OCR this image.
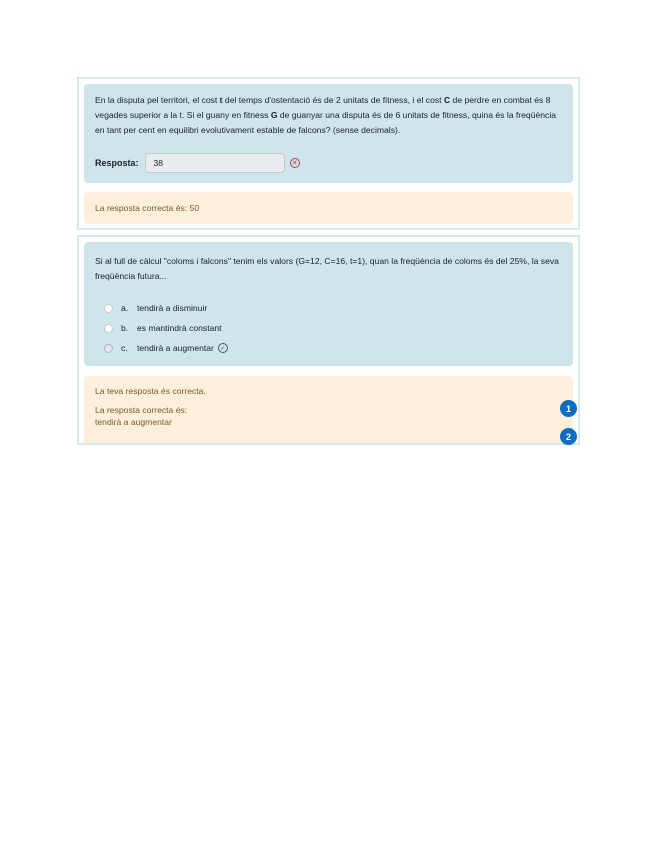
En la disputa pel territori, el cost t del temps d'ostentació és de 2 unitats de fitness, i el cost C de perdre en combat és 8 vegades superior a la t. Si el guany en fitness G de guanyar una disputa és de 6 unitats de fitness, quina és la freqüència en tant per cent en equilibri evolutivament estable de falcons? (sense decimals).
Resposta:
38	✕
La resposta correcta és: 50
Si al full de càlcul "coloms i falcons" tenim els valors (G=12, C=16, t=1), quan la freqüència de coloms és del 25%, la seva freqüència futura...
a.	tendirà a disminuir
b.	es mantindrà constant
c.	tendirà a augmentar	✓
La teva resposta és correcta.
La resposta correcta és:
tendirà a augmentar
1
2
